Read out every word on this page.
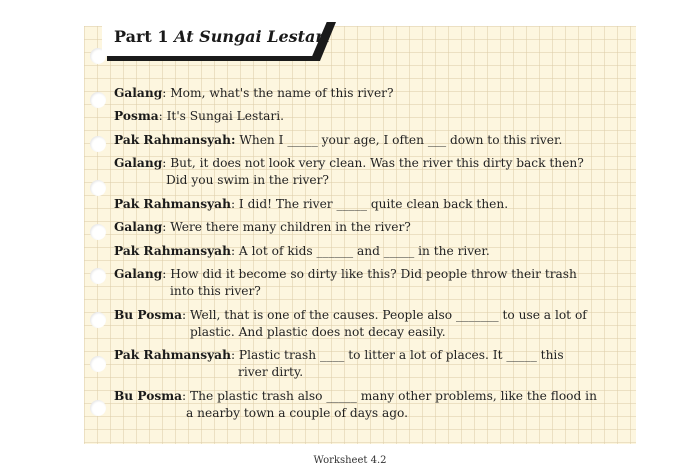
Part 1 At Sungai Lestari
Galang: Mom, what's the name of this river?
Posma: It's Sungai Lestari.
Pak Rahmansyah: When I _____ your age, I often ___ down to this river.
Galang: But, it does not look very clean. Was the river this dirty back then?
Did you swim in the river?
Pak Rahmansyah: I did! The river _____ quite clean back then.
Galang: Were there many children in the river?
Pak Rahmansyah: A lot of kids ______ and _____ in the river.
Galang: How did it become so dirty like this? Did people throw their trash
into this river?
Bu Posma: Well, that is one of the causes. People also _______ to use a lot of
plastic. And plastic does not decay easily.
Pak Rahmansyah: Plastic trash ____ to litter a lot of places. It _____ this
river dirty.
Bu Posma: The plastic trash also _____ many other problems, like the flood in
a nearby town a couple of days ago.
Worksheet 4.2
